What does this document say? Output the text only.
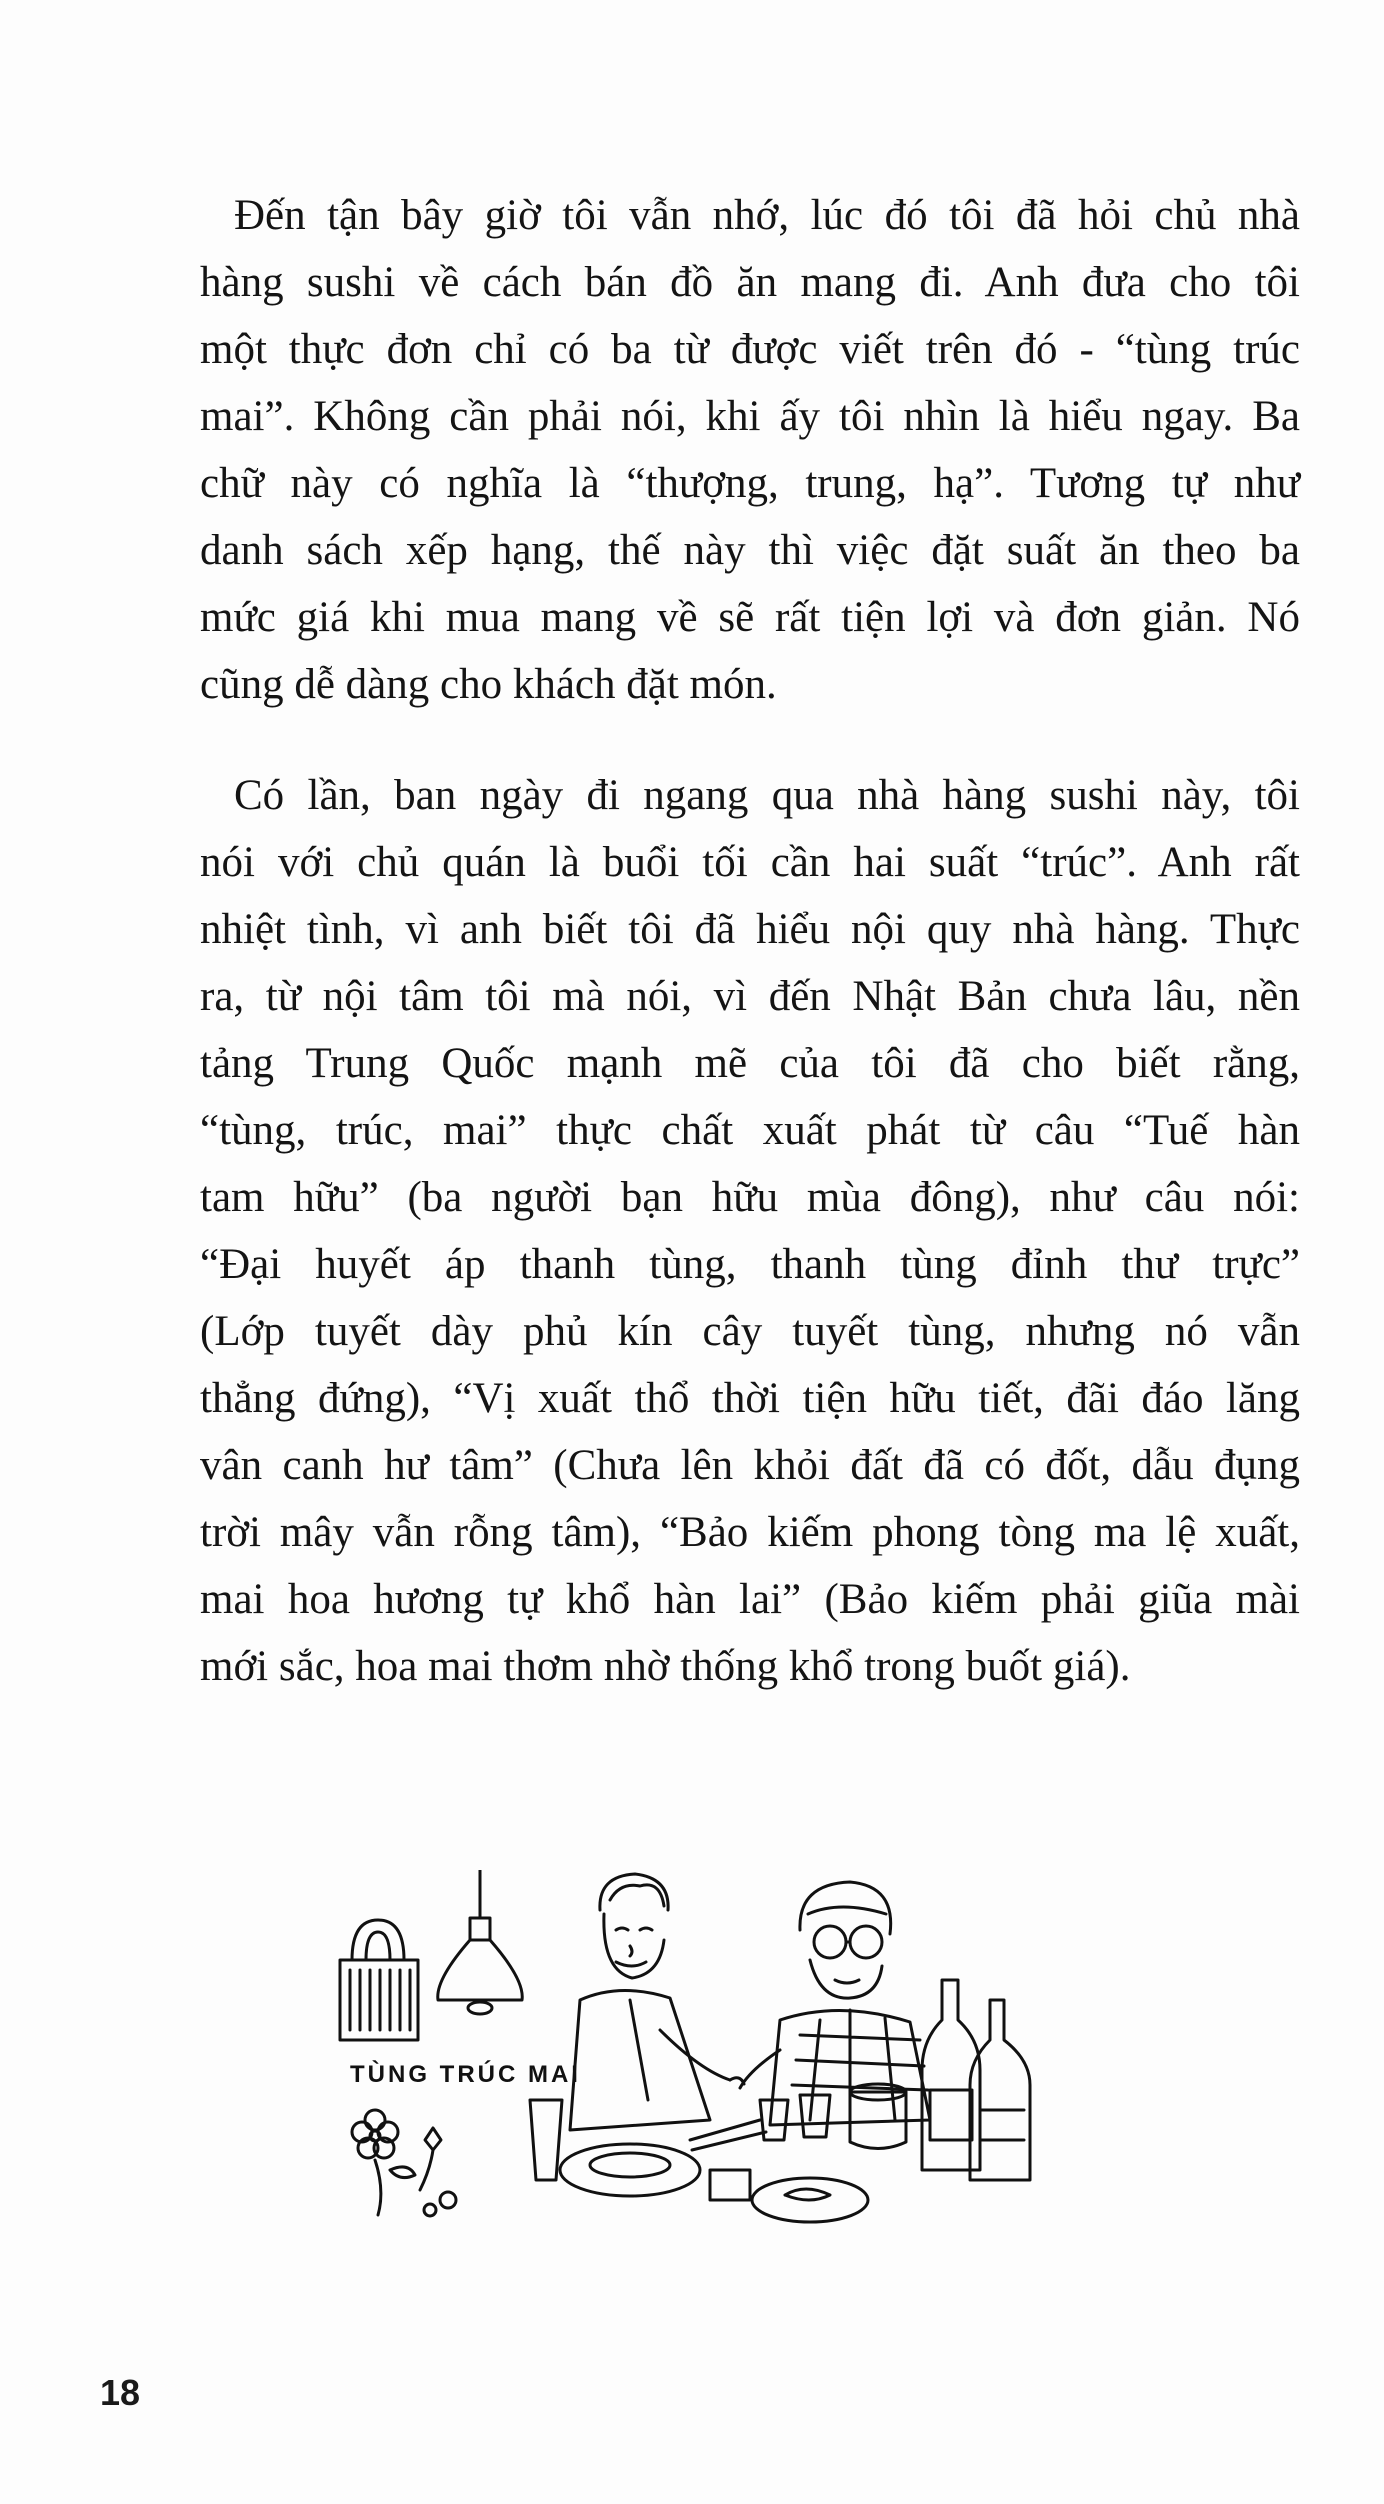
Đến tận bây giờ tôi vẫn nhớ, lúc đó tôi đã hỏi chủ nhà
hàng sushi về cách bán đồ ăn mang đi. Anh đưa cho tôi
một thực đơn chỉ có ba từ được viết trên đó - “tùng trúc
mai”. Không cần phải nói, khi ấy tôi nhìn là hiểu ngay. Ba
chữ này có nghĩa là “thượng, trung, hạ”. Tương tự như
danh sách xếp hạng, thế này thì việc đặt suất ăn theo ba
mức giá khi mua mang về sẽ rất tiện lợi và đơn giản. Nó
cũng dễ dàng cho khách đặt món.
Có lần, ban ngày đi ngang qua nhà hàng sushi này, tôi
nói với chủ quán là buổi tối cần hai suất “trúc”. Anh rất
nhiệt tình, vì anh biết tôi đã hiểu nội quy nhà hàng. Thực
ra, từ nội tâm tôi mà nói, vì đến Nhật Bản chưa lâu, nền
tảng Trung Quốc mạnh mẽ của tôi đã cho biết rằng,
“tùng, trúc, mai” thực chất xuất phát từ câu “Tuế hàn
tam hữu” (ba người bạn hữu mùa đông), như câu nói:
“Đại huyết áp thanh tùng, thanh tùng đỉnh thư trực”
(Lớp tuyết dày phủ kín cây tuyết tùng, nhưng nó vẫn
thẳng đứng), “Vị xuất thổ thời tiện hữu tiết, đãi đáo lăng
vân canh hư tâm” (Chưa lên khỏi đất đã có đốt, dẫu đụng
trời mây vẫn rỗng tâm), “Bảo kiếm phong tòng ma lệ xuất,
mai hoa hương tự khổ hàn lai” (Bảo kiếm phải giũa mài
mới sắc, hoa mai thơm nhờ thống khổ trong buốt giá).
TÙNG TRÚC MAI
18
